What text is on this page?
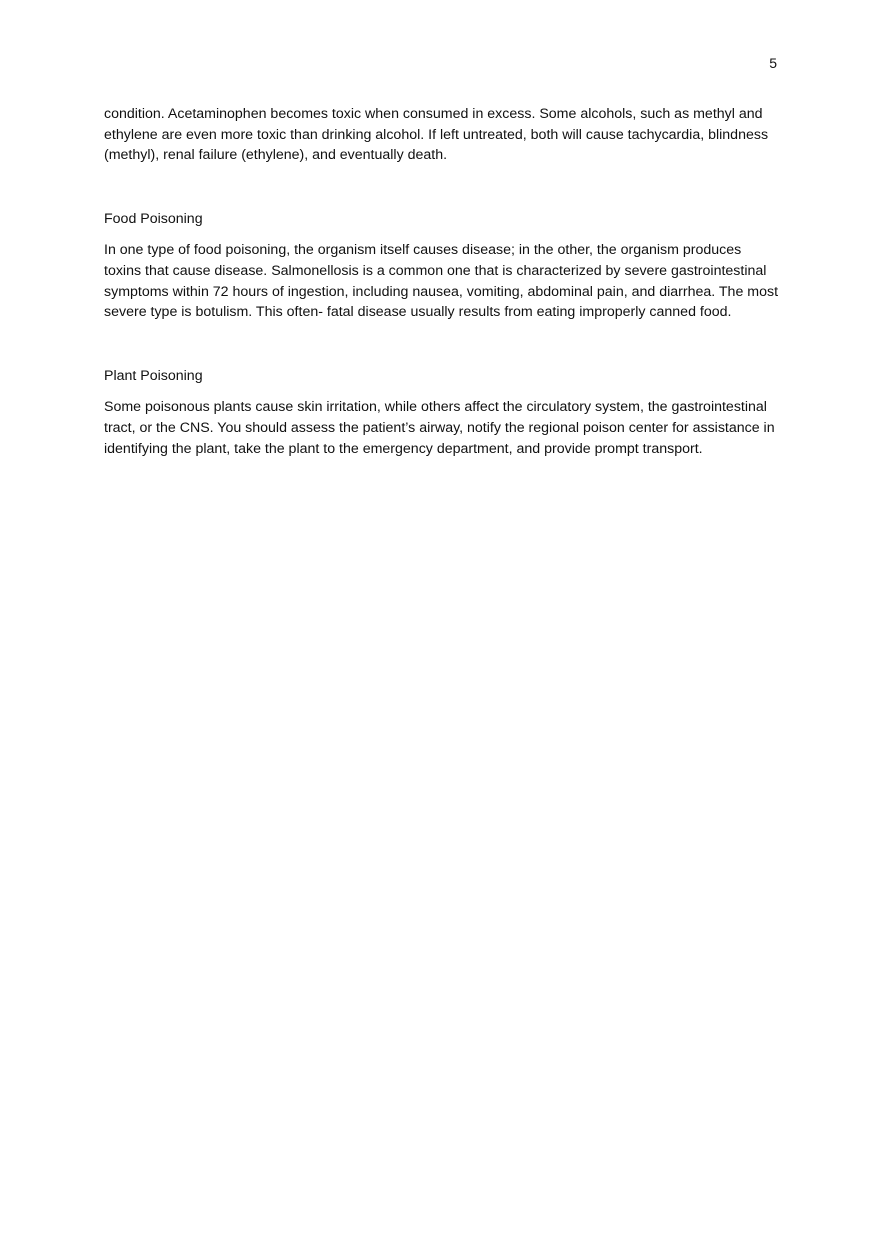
5

condition. Acetaminophen becomes toxic when consumed in excess. Some alcohols, such as methyl and ethylene are even more toxic than drinking alcohol. If left untreated, both will cause tachycardia, blindness (methyl), renal failure (ethylene), and eventually death.

Food Poisoning

In one type of food poisoning, the organism itself causes disease; in the other, the organism produces toxins that cause disease. Salmonellosis is a common one that is characterized by severe gastrointestinal symptoms within 72 hours of ingestion, including nausea, vomiting, abdominal pain, and diarrhea. The most severe type is botulism. This often- fatal disease usually results from eating improperly canned food.

Plant Poisoning

Some poisonous plants cause skin irritation, while others affect the circulatory system, the gastrointestinal tract, or the CNS. You should assess the patient’s airway, notify the regional poison center for assistance in identifying the plant, take the plant to the emergency department, and provide prompt transport.
